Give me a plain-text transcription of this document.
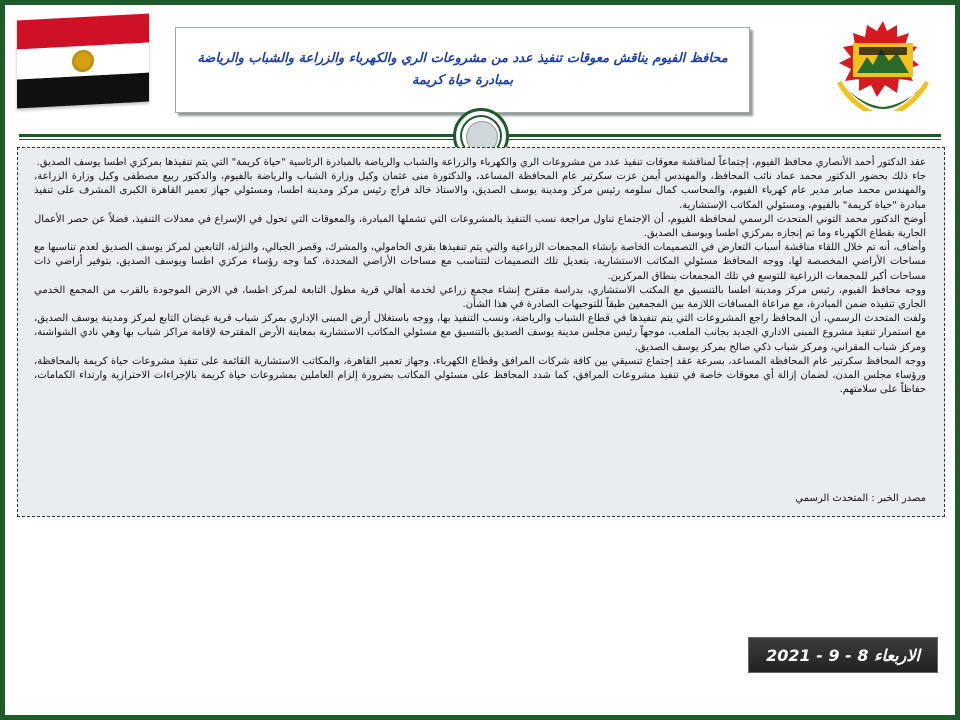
محافظ الفيوم يناقش معوقات تنفيذ عدد من مشروعات الري والكهرباء والزراعة والشباب والرياضة بمبادرة حياة كريمة

عقد الدكتور أحمد الأنصاري محافظ الفيوم، إجتماعاً لمناقشة معوقات تنفيذ عدد من مشروعات الري والكهرباء والزراعة والشباب والرياضة بالمبادرة الرئاسية "حياة كريمة" التي يتم تنفيذها بمركزي اطسا يوسف الصديق.

جاء ذلك بحضور الدكتور محمد عماد نائب المحافظ، والمهندس أيمن عزت سكرتير عام المحافظة المساعد، والدكتورة منى عثمان وكيل وزارة الشباب والرياضة بالفيوم، والدكتور ربيع مصطفى وكيل وزارة الزراعة، والمهندس محمد صابر مدير عام كهرباء الفيوم، والمحاسب كمال سلومه رئيس مركز ومدينة يوسف الصديق، والاستاذ خالد فراج رئيس مركز ومدينة اطسا، ومسئولي جهاز تعمير القاهرة الكبرى المشرف على تنفيذ مبادرة "حياة كريمة" بالفيوم، ومسئولي المكاتب الإستشارية.

أوضح الدكتور محمد التوني المتحدث الرسمي لمحافظة الفيوم، أن الإجتماع تناول مراجعة نسب التنفيذ بالمشروعات التي تشملها المبادرة، والمعوقات التي تحول في الإسراع في معدلات التنفيذ، فضلاً عن حصر الأعمال الجارية بقطاع الكهرباء وما تم إنجازه بمركزي اطسا ويوسف الصديق.

وأضاف، أنه تم خلال اللقاء مناقشة أسباب التعارض في التصميمات الخاصة بإنشاء المجمعات الزراعية والتي يتم تنفيذها بقرى الحامولي، والمشرك، وقصر الجبالي، والنزلة، التابعين لمركز يوسف الصديق لعدم تناسبها مع مساحات الأراضي المخصصة لها، ووجه المحافظ مسئولي المكاتب الاستشارية، بتعديل تلك التصميمات لتتناسب مع مساحات الأراضي المحددة، كما وجه رؤساء مركزي اطسا ويوسف الصديق، بتوفير أراضي ذات مساحات أكبر للمجمعات الزراعية للتوسع في تلك المجمعات بنطاق المركزين.

ووجه محافظ الفيوم، رئيس مركز ومدينة اطسا بالتنسيق مع المكتب الاستشاري، بدراسة مقترح إنشاء مجمع زراعي لخدمة أهالي قرية مطول التابعة لمركز اطسا، في الارض الموجودة بالقرب من المجمع الخدمي الجاري تنفيذه ضمن المبادرة، مع مراعاة المسافات اللازمة بين المجمعين طبقاً للتوجيهات الصادرة في هذا الشأن.

ولفت المتحدث الرسمي، أن المحافظ راجع المشروعات التي يتم تنفيذها في قطاع الشباب والرياضة، ونسب التنفيذ بها، ووجه باستغلال أرض المبنى الإداري بمركز شباب قرية غيضان التابع لمركز ومدينة يوسف الصديق، مع استمرار تنفيذ مشروع المبنى الاداري الجديد بجانب الملعب، موجهاً رئيس مجلس مدينة يوسف الصديق بالتنسيق مع مسئولي المكاتب الاستشارية بمعاينة الأرض المقترحة لإقامة مراكز شباب بها وهي نادي الشواشنة، ومركز شباب المقراني، ومركز شباب ذكي صالح بمركز يوسف الصديق.

ووجه المحافظ سكرتير عام المحافظة المساعد، بسرعة عقد إجتماع تنسيقي بين كافة شركات المرافق وقطاع الكهرباء، وجهاز تعمير القاهرة، والمكاتب الاستشارية القائمة على تنفيذ مشروعات حياة كريمة بالمحافظة، ورؤساء مجلس المدن، لضمان إزالة أي معوقات خاصة في تنفيذ مشروعات المرافق، كما شدد المحافظ على مسئولي المكاتب بضرورة إلزام العاملين بمشروعات حياة كريمة بالإجراءات الاحترازية وارتداء الكمامات، حفاظاً على سلامتهم.

مصدر الخبر : المتحدث الرسمي
الاربعاء 8 - 9 - 2021
